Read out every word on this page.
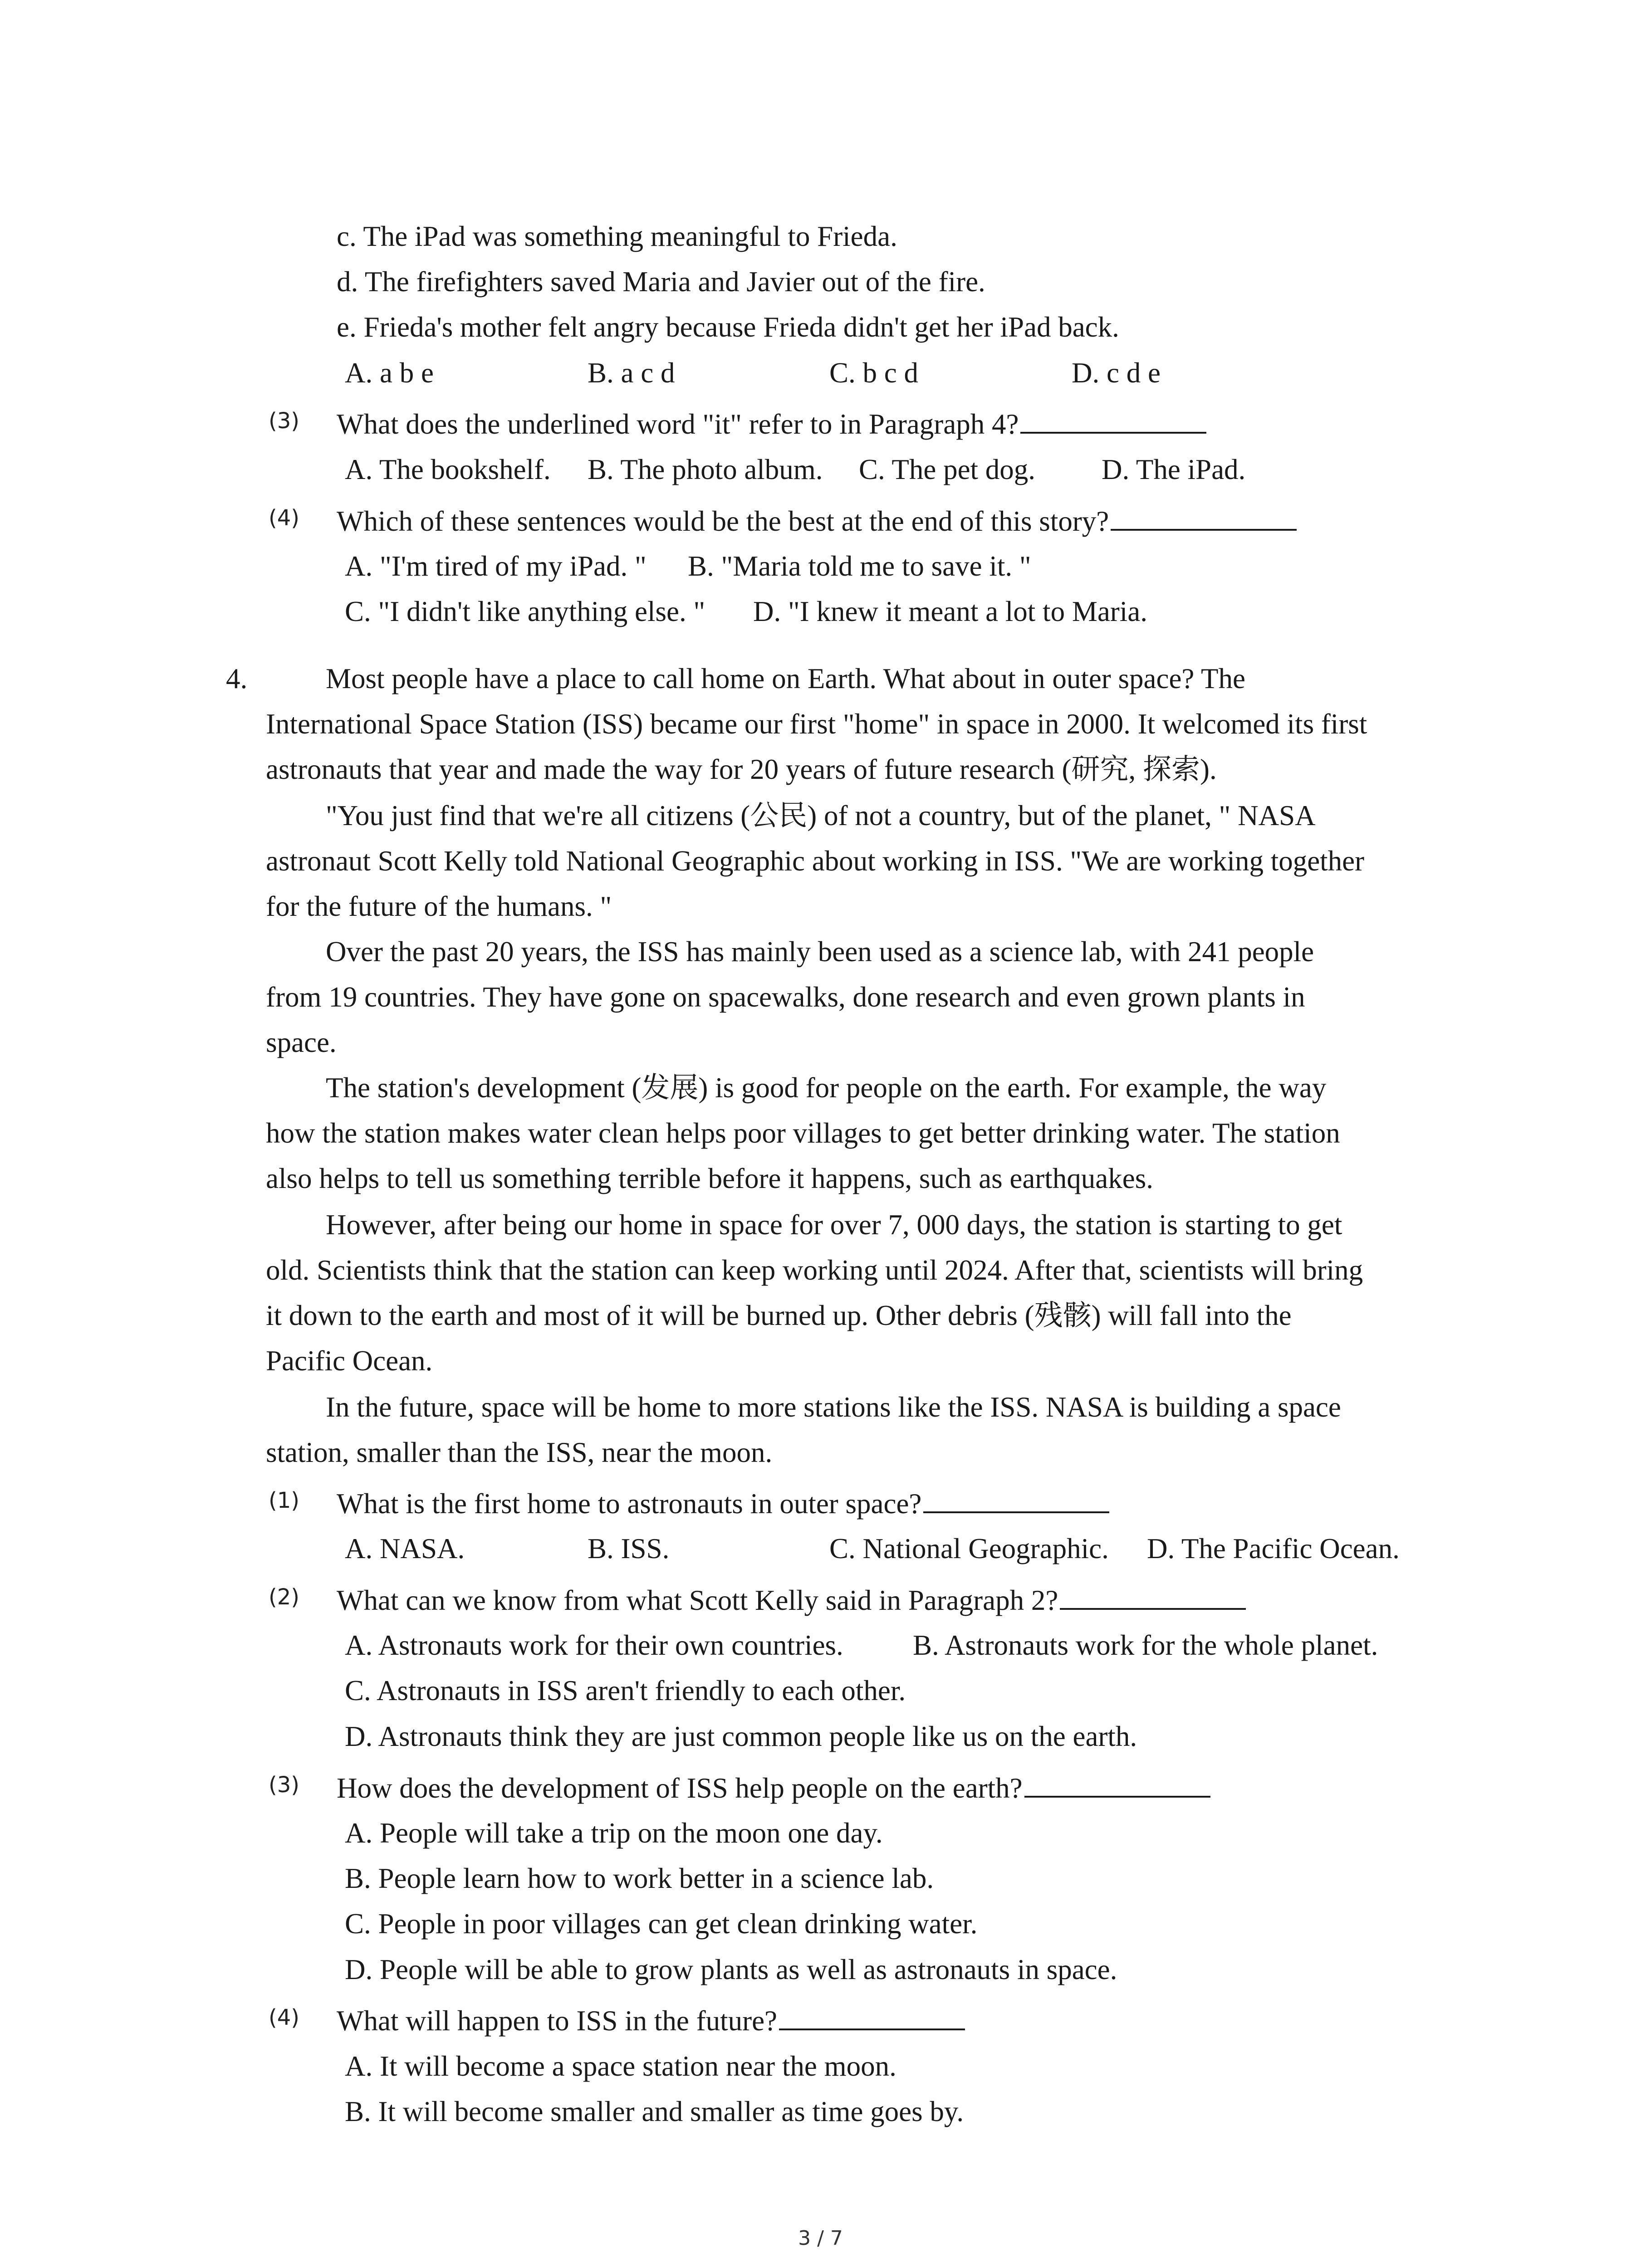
c. The iPad was something meaningful to Frieda.
d. The firefighters saved Maria and Javier out of the fire.
e. Frieda's mother felt angry because Frieda didn't get her iPad back.
A. a b e	B. a c d	C. b c d	D. c d e
(3) What does the underlined word "it" refer to in Paragraph 4?
A. The bookshelf. B. The photo album. C. The pet dog. D. The iPad.
(4) Which of these sentences would be the best at the end of this story?
A. "I'm tired of my iPad. " B. "Maria told me to save it. "
C. "I didn't like anything else. " D. "I knew it meant a lot to Maria.
4.	Most people have a place to call home on Earth. What about in outer space? The
International Space Station (ISS) became our first "home" in space in 2000. It welcomed its first
astronauts that year and made the way for 20 years of future research (研究, 探索).
"You just find that we're all citizens (公民) of not a country, but of the planet, " NASA
astronaut Scott Kelly told National Geographic about working in ISS. "We are working together
for the future of the humans. "
Over the past 20 years, the ISS has mainly been used as a science lab, with 241 people
from 19 countries. They have gone on spacewalks, done research and even grown plants in
space.
The station's development (发展) is good for people on the earth. For example, the way
how the station makes water clean helps poor villages to get better drinking water. The station
also helps to tell us something terrible before it happens, such as earthquakes.
However, after being our home in space for over 7, 000 days, the station is starting to get
old. Scientists think that the station can keep working until 2024. After that, scientists will bring
it down to the earth and most of it will be burned up. Other debris (残骸) will fall into the
Pacific Ocean.
In the future, space will be home to more stations like the ISS. NASA is building a space
station, smaller than the ISS, near the moon.
(1) What is the first home to astronauts in outer space?
A. NASA.	B. ISS.	C. National Geographic. D. The Pacific Ocean.
(2) What can we know from what Scott Kelly said in Paragraph 2?
A. Astronauts work for their own countries. B. Astronauts work for the whole planet.
C. Astronauts in ISS aren't friendly to each other.
D. Astronauts think they are just common people like us on the earth.
(3) How does the development of ISS help people on the earth?
A. People will take a trip on the moon one day.
B. People learn how to work better in a science lab.
C. People in poor villages can get clean drinking water.
D. People will be able to grow plants as well as astronauts in space.
(4) What will happen to ISS in the future?
A. It will become a space station near the moon.
B. It will become smaller and smaller as time goes by.
3 / 7
